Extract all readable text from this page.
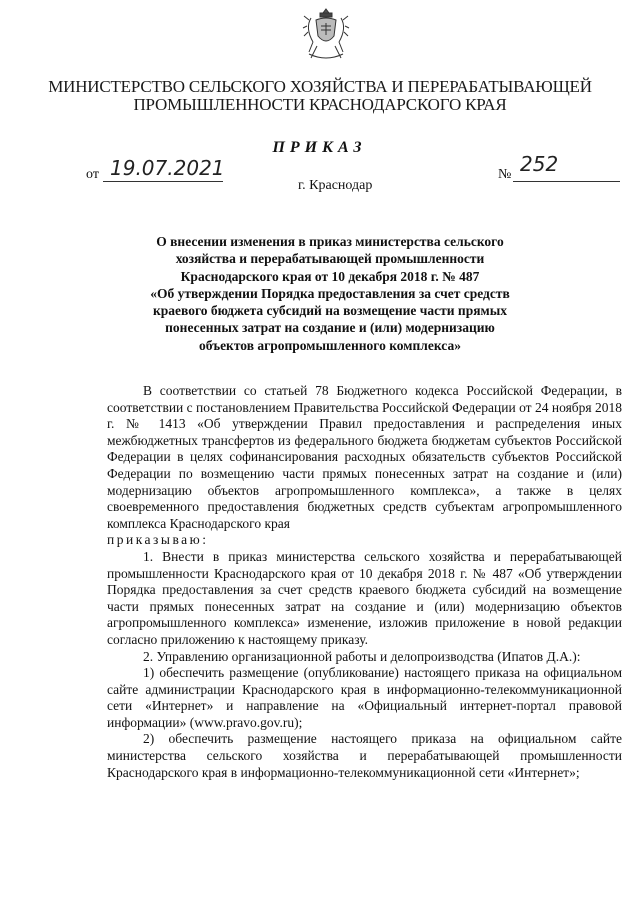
МИНИСТЕРСТВО СЕЛЬСКОГО ХОЗЯЙСТВА И ПЕРЕРАБАТЫВАЮЩЕЙ
ПРОМЫШЛЕННОСТИ КРАСНОДАРСКОГО КРАЯ
ПРИКАЗ
от 19.07.2021	№ 252
г. Краснодар
О внесении изменения в приказ министерства сельского
хозяйства и перерабатывающей промышленности
Краснодарского края от 10 декабря 2018 г. № 487
«Об утверждении Порядка предоставления за счет средств
краевого бюджета субсидий на возмещение части прямых
понесенных затрат на создание и (или) модернизацию
объектов агропромышленного комплекса»

В соответствии со статьей 78 Бюджетного кодекса Российской Федерации, в соответствии с постановлением Правительства Российской Федерации от 24 ноября 2018 г. № 1413 «Об утверждении Правил предоставления и распределения иных межбюджетных трансфертов из федерального бюджета бюджетам субъектов Российской Федерации в целях софинансирования расходных обязательств субъектов Российской Федерации по возмещению части прямых понесенных затрат на создание и (или) модернизацию объектов агропромышленного комплекса», а также в целях своевременного предоставления бюджетных средств субъектам агропромышленного комплекса Краснодарского края

приказываю:

1. Внести в приказ министерства сельского хозяйства и перерабатывающей промышленности Краснодарского края от 10 декабря 2018 г. № 487 «Об утверждении Порядка предоставления за счет средств краевого бюджета субсидий на возмещение части прямых понесенных затрат на создание и (или) модернизацию объектов агропромышленного комплекса» изменение, изложив приложение в новой редакции согласно приложению к настоящему приказу.

2. Управлению организационной работы и делопроизводства (Ипатов Д.А.):

1) обеспечить размещение (опубликование) настоящего приказа на официальном сайте администрации Краснодарского края в информационно-телекоммуникационной сети «Интернет» и направление на «Официальный интернет-портал правовой информации» (www.pravo.gov.ru);

2) обеспечить размещение настоящего приказа на официальном сайте министерства сельского хозяйства и перерабатывающей промышленности Краснодарского края в информационно-телекоммуникационной сети «Интернет»;
